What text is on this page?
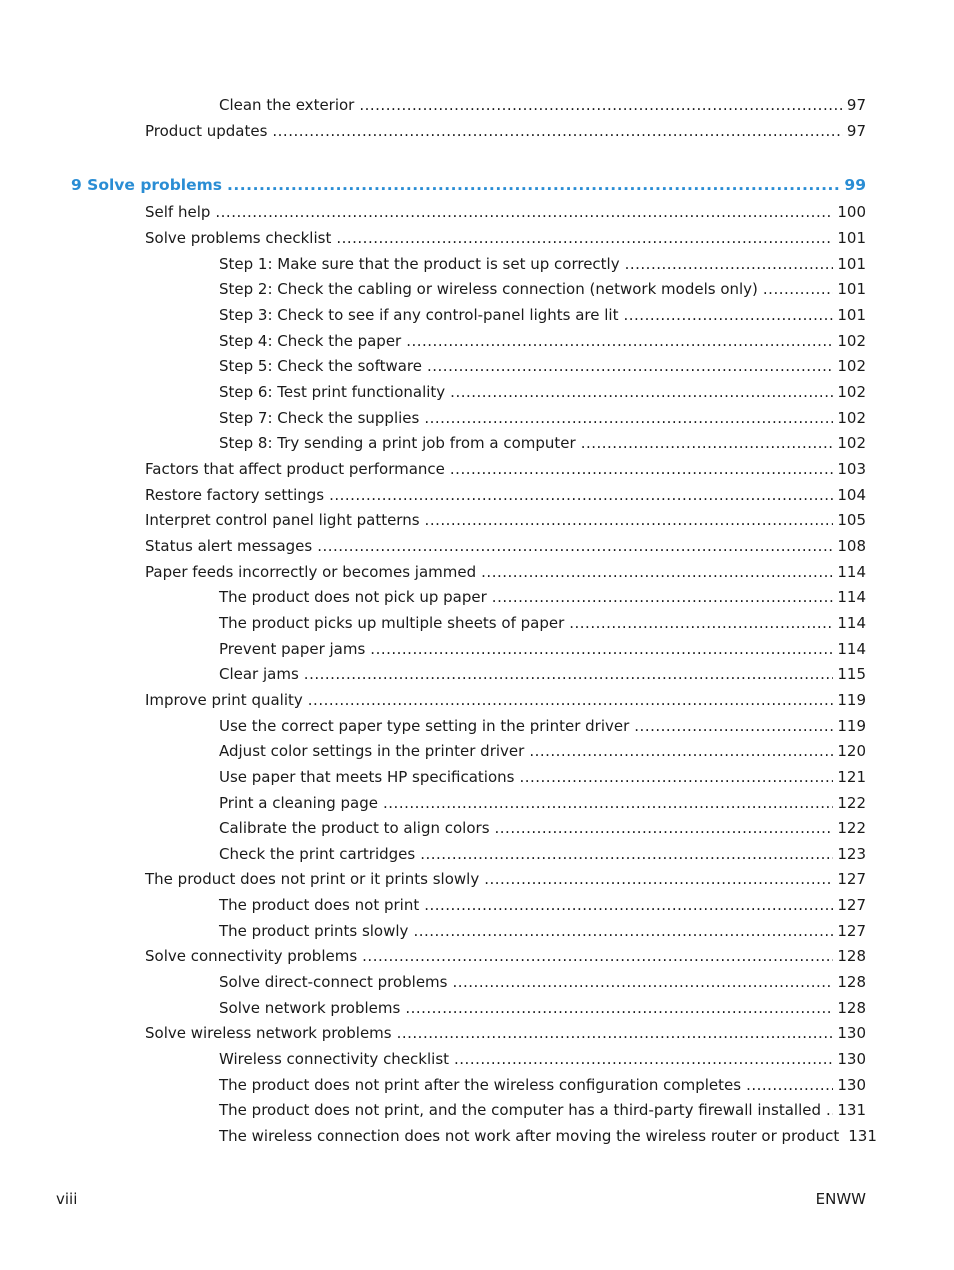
Clean the exterior .....	97
Product updates .....	97
9 Solve problems .....	99
Self help .....	100
Solve problems checklist .....	101
Step 1: Make sure that the product is set up correctly .....	101
Step 2: Check the cabling or wireless connection (network models only) .....	101
Step 3: Check to see if any control-panel lights are lit .....	101
Step 4: Check the paper .....	102
Step 5: Check the software .....	102
Step 6: Test print functionality .....	102
Step 7: Check the supplies .....	102
Step 8: Try sending a print job from a computer .....	102
Factors that affect product performance .....	103
Restore factory settings .....	104
Interpret control panel light patterns .....	105
Status alert messages .....	108
Paper feeds incorrectly or becomes jammed .....	114
The product does not pick up paper .....	114
The product picks up multiple sheets of paper .....	114
Prevent paper jams .....	114
Clear jams .....	115
Improve print quality .....	119
Use the correct paper type setting in the printer driver .....	119
Adjust color settings in the printer driver .....	120
Use paper that meets HP specifications .....	121
Print a cleaning page .....	122
Calibrate the product to align colors .....	122
Check the print cartridges .....	123
The product does not print or it prints slowly .....	127
The product does not print .....	127
The product prints slowly .....	127
Solve connectivity problems .....	128
Solve direct-connect problems .....	128
Solve network problems .....	128
Solve wireless network problems .....	130
Wireless connectivity checklist .....	130
The product does not print after the wireless configuration completes .....	130
The product does not print, and the computer has a third-party firewall installed ..... 131
The wireless connection does not work after moving the wireless router or product 131
viii	ENWW
